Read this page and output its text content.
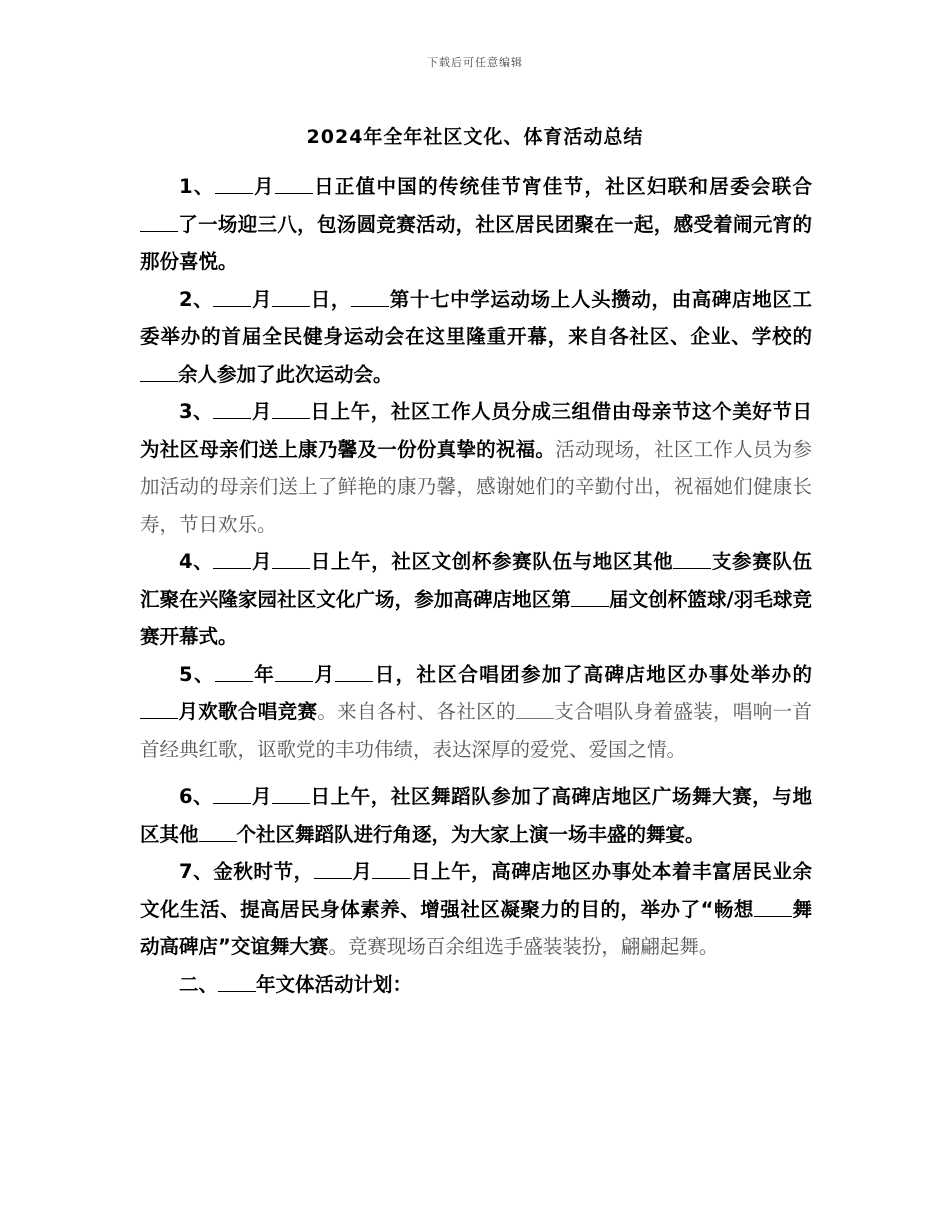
下载后可任意编辑
2024年全年社区文化、体育活动总结

1、 月 日正值中国的传统佳节宵佳节，社区妇联和居委会联合了一场迎三八，包汤圆竞赛活动，社区居民团聚在一起，感受着闹元宵的那份喜悦。

2、 月 日， 第十七中学运动场上人头攒动，由高碑店地区工委举办的首届全民健身运动会在这里隆重开幕，来自各社区、企业、学校的余人参加了此次运动会。

3、 月 日上午，社区工作人员分成三组借由母亲节这个美好节日为社区母亲们送上康乃馨及一份份真挚的祝福。活动现场，社区工作人员为参加活动的母亲们送上了鲜艳的康乃馨，感谢她们的辛勤付出，祝福她们健康长寿，节日欢乐。

4、 月 日上午，社区文创杯参赛队伍与地区其他 支参赛队伍汇聚在兴隆家园社区文化广场，参加高碑店地区第 届文创杯篮球/羽毛球竞赛开幕式。

5、 年 月 日，社区合唱团参加了高碑店地区办事处举办的月欢歌合唱竞赛。来自各村、各社区的 支合唱队身着盛装，唱响一首首经典红歌，讴歌党的丰功伟绩，表达深厚的爱党、爱国之情。

6、 月 日上午，社区舞蹈队参加了高碑店地区广场舞大赛，与地区其他 个社区舞蹈队进行角逐，为大家上演一场丰盛的舞宴。

7、金秋时节， 月 日上午，高碑店地区办事处本着丰富居民业余文化生活、提高居民身体素养、增强社区凝聚力的目的，举办了“畅想 舞动高碑店”交谊舞大赛。竞赛现场百余组选手盛装装扮，翩翩起舞。

二、 年文体活动计划：
